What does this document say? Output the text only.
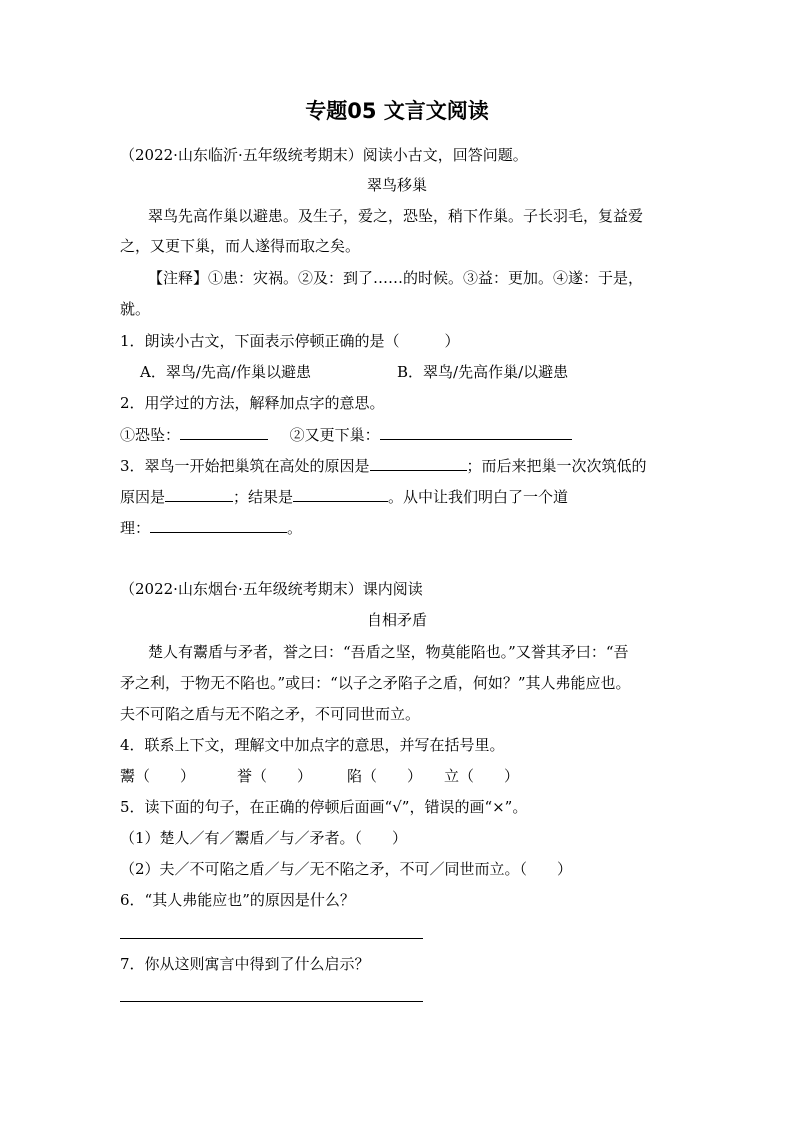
专题05 文言文阅读
（2022·山东临沂·五年级统考期末）阅读小古文，回答问题。
翠鸟移巢
翠鸟先高作巢以避患。及生子，爱之，恐坠，稍下作巢。子长羽毛，复益爱
之，又更下巢，而人遂得而取之矣。
【注释】①患：灾祸。②及：到了……的时候。③益：更加。④遂：于是，
就。
1．朗读小古文，下面表示停顿正确的是（　　　）
A．翠鸟/先高/作巢以避患	B．翠鸟/先高作巢/以避患
2．用学过的方法，解释加点字的意思。
①恐坠：	②又更下巢：
3．翠鸟一开始把巢筑在高处的原因是	；而后来把巢一次次筑低的
原因是	；结果是	。从中让我们明白了一个道
理：	。
（2022·山东烟台·五年级统考期末）课内阅读
自相矛盾
楚人有鬻盾与矛者，誉之曰：“吾盾之坚，物莫能陷也。”又誉其矛曰：“吾
矛之利，于物无不陷也。”或曰：“以子之矛陷子之盾，何如？”其人弗能应也。
夫不可陷之盾与无不陷之矛，不可同世而立。
4．联系上下文，理解文中加点字的意思，并写在括号里。
鬻（　　）	誉（　　） 陷（　　） 立（　　）
5．读下面的句子，在正确的停顿后面画“√”，错误的画“×”。
（1）楚人／有／鬻盾／与／矛者。（　　）
（2）夫／不可陷之盾／与／无不陷之矛，不可／同世而立。（　　）
6．“其人弗能应也”的原因是什么？
7．你从这则寓言中得到了什么启示？
